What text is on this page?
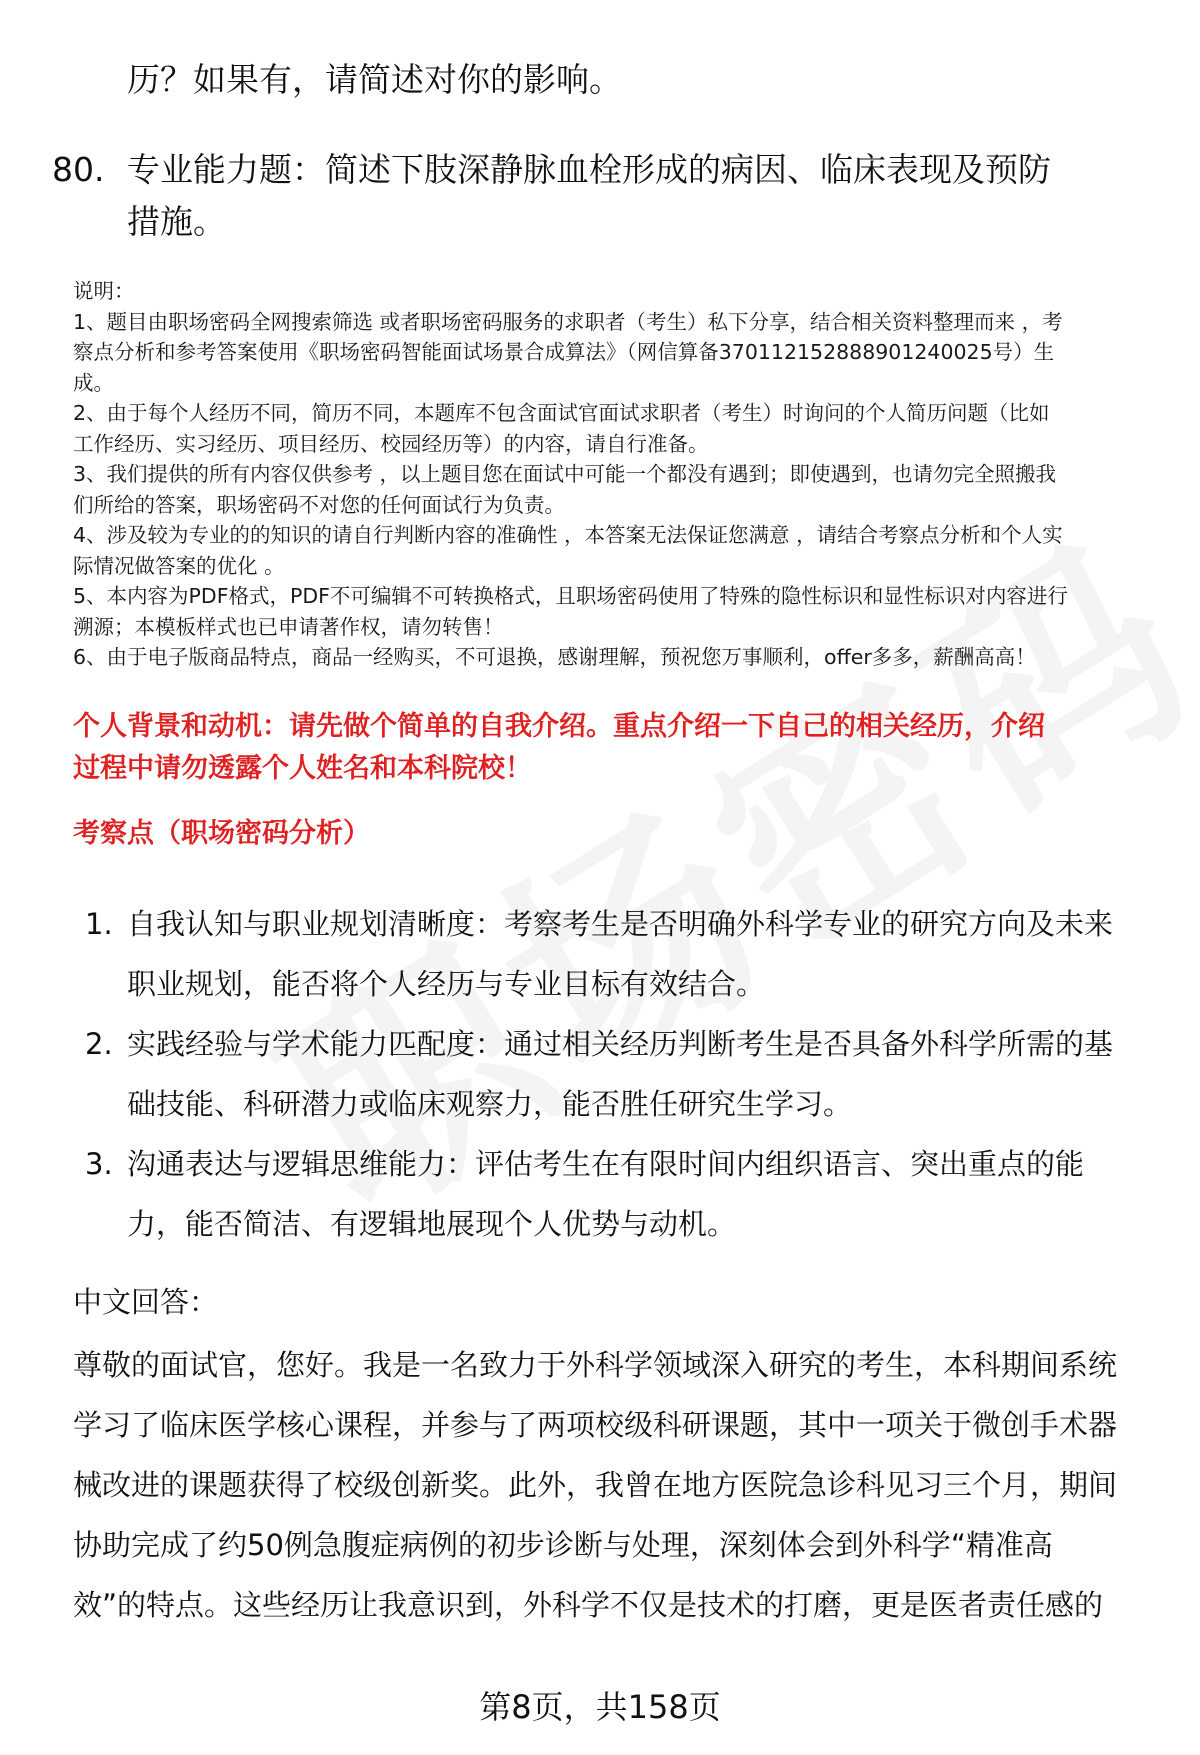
历？如果有，请简述对你的影响。
80. 专业能力题：简述下肢深静脉血栓形成的病因、临床表现及预防
措施。

说明：

1、题目由职场密码全网搜索筛选 或者职场密码服务的求职者（考生）私下分享，结合相关资料整理而来 ，考

察点分析和参考答案使用《职场密码智能面试场景合成算法》（网信算备370112152888901240025号）生

成。

2、由于每个人经历不同，简历不同，本题库不包含面试官面试求职者（考生）时询问的个人简历问题（比如

工作经历、实习经历、项目经历、校园经历等）的内容，请自行准备。

3、我们提供的所有内容仅供参考 ，以上题目您在面试中可能一个都没有遇到；即使遇到，也请勿完全照搬我

们所给的答案，职场密码不对您的任何面试行为负责。

4、涉及较为专业的的知识的请自行判断内容的准确性 ，本答案无法保证您满意 ，请结合考察点分析和个人实

际情况做答案的优化 。

5、本内容为PDF格式，PDF不可编辑不可转换格式，且职场密码使用了特殊的隐性标识和显性标识对内容进行

溯源；本模板样式也已申请著作权，请勿转售！

6、由于电子版商品特点，商品一经购买，不可退换，感谢理解，预祝您万事顺利，offer多多，薪酬高高！

个人背景和动机：请先做个简单的自我介绍。重点介绍一下自己的相关经历，介绍
过程中请勿透露个人姓名和本科院校！
考察点（职场密码分析）
1. 自我认知与职业规划清晰度：考察考生是否明确外科学专业的研究方向及未来
职业规划，能否将个人经历与专业目标有效结合。
2. 实践经验与学术能力匹配度：通过相关经历判断考生是否具备外科学所需的基
础技能、科研潜力或临床观察力，能否胜任研究生学习。
3. 沟通表达与逻辑思维能力：评估考生在有限时间内组织语言、突出重点的能
力，能否简洁、有逻辑地展现个人优势与动机。
中文回答：
尊敬的面试官，您好。我是一名致力于外科学领域深入研究的考生，本科期间系统
学习了临床医学核心课程，并参与了两项校级科研课题，其中一项关于微创手术器
械改进的课题获得了校级创新奖。此外，我曾在地方医院急诊科见习三个月，期间
协助完成了约50例急腹症病例的初步诊断与处理，深刻体会到外科学“精准高
效”的特点。这些经历让我意识到，外科学不仅是技术的打磨，更是医者责任感的
第8页，共158页
